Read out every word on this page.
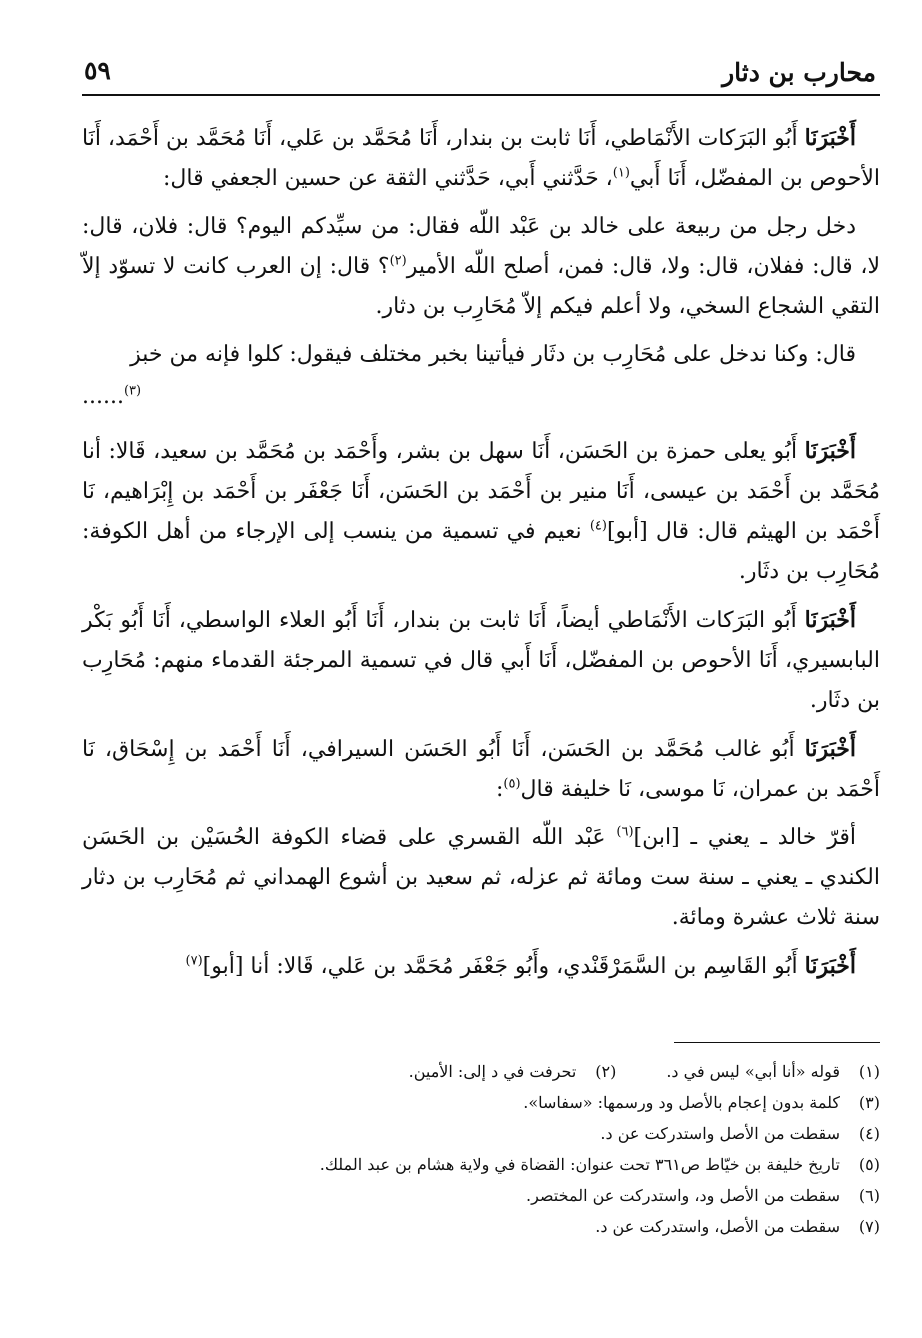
محارب بن دثار
٥٩

أَخْبَرَنَا أَبُو البَرَكات الأَنْمَاطي، أَنَا ثابت بن بندار، أَنَا مُحَمَّد بن عَلي، أَنَا مُحَمَّد بن أَحْمَد، أَنَا الأحوص بن المفضّل، أَنَا أَبي$^{(١)}$، حَدَّثني أَبي، حَدَّثني الثقة عن حسين الجعفي قال:

دخل رجل من ربيعة على خالد بن عَبْد اللّه فقال: من سيِّدكم اليوم؟ قال: فلان، قال: لا، قال: ففلان، قال: ولا، قال: فمن، أصلح اللّه الأمير$^{(٢)}$؟ قال: إن العرب كانت لا تسوّد إلاّ التقي الشجاع السخي، ولا أعلم فيكم إلاّ مُحَارِب بن دثار.

قال: وكنا ندخل على مُحَارِب بن دثَار فيأتينا بخبر مختلف فيقول: كلوا فإنه من خبز

$^{(٣)}$......

أَخْبَرَنَا أَبُو يعلى حمزة بن الحَسَن، أَنَا سهل بن بشر، وأَحْمَد بن مُحَمَّد بن سعيد، قَالا: أنا مُحَمَّد بن أَحْمَد بن عيسى، أَنَا منير بن أَحْمَد بن الحَسَن، أَنَا جَعْفَر بن أَحْمَد بن إِبْرَاهيم، نَا أَحْمَد بن الهيثم قال: قال [أبو]$^{(٤)}$ نعيم في تسمية من ينسب إلى الإرجاء من أهل الكوفة: مُحَارِب بن دثَار.

أَخْبَرَنَا أَبُو البَرَكات الأَنْمَاطي أيضاً، أَنَا ثابت بن بندار، أَنَا أَبُو العلاء الواسطي، أَنَا أَبُو بَكْر البابسيري، أَنَا الأحوص بن المفضّل، أَنَا أَبي قال في تسمية المرجئة القدماء منهم: مُحَارِب بن دثَار.

أَخْبَرَنَا أَبُو غالب مُحَمَّد بن الحَسَن، أَنَا أَبُو الحَسَن السيرافي، أَنَا أَحْمَد بن إِسْحَاق، نَا أَحْمَد بن عمران، نَا موسى، نَا خليفة قال$^{(٥)}$:

أقرّ خالد ـ يعني ـ [ابن]$^{(٦)}$ عَبْد اللّه القسري على قضاء الكوفة الحُسَيْن بن الحَسَن الكندي ـ يعني ـ سنة ست ومائة ثم عزله، ثم سعيد بن أشوع الهمداني ثم مُحَارِب بن دثار سنة ثلاث عشرة ومائة.

أَخْبَرَنَا أَبُو القَاسِم بن السَّمَرْقَنْدي، وأَبُو جَعْفَر مُحَمَّد بن عَلي، قَالا: أنا [أبو]$^{(٧)}$

(١)
قوله «أنا أبي» ليس في د.
(٢)
تحرفت في د إلى: الأمين.
(٣)
كلمة بدون إعجام بالأصل ود ورسمها: «سفاسا».
(٤)
سقطت من الأصل واستدركت عن د.
(٥)
تاريخ خليفة بن خيّاط ص٣٦١ تحت عنوان: القضاة في ولاية هشام بن عبد الملك.
(٦)
سقطت من الأصل ود، واستدركت عن المختصر.
(٧)
سقطت من الأصل، واستدركت عن د.
